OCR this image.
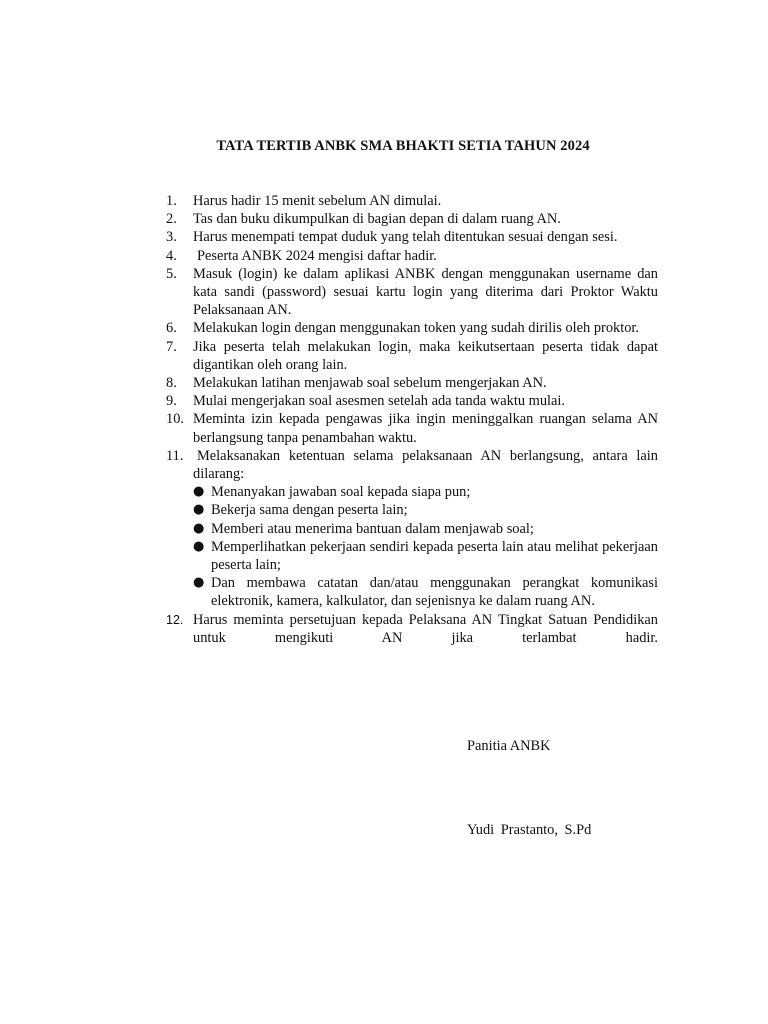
TATA TERTIB ANBK SMA BHAKTI SETIA TAHUN 2024
1.	Harus hadir 15 menit sebelum AN dimulai.
2.	Tas dan buku dikumpulkan di bagian depan di dalam ruang AN.
3.	Harus menempati tempat duduk yang telah ditentukan sesuai dengan sesi.
4.	Peserta ANBK 2024 mengisi daftar hadir.
5.	Masuk (login) ke dalam aplikasi ANBK dengan menggunakan username dan kata sandi (password) sesuai kartu login yang diterima dari Proktor Waktu Pelaksanaan AN.
6.	Melakukan login dengan menggunakan token yang sudah dirilis oleh proktor.
7.	Jika peserta telah melakukan login, maka keikutsertaan peserta tidak dapat digantikan oleh orang lain.
8.	Melakukan latihan menjawab soal sebelum mengerjakan AN.
9.	Mulai mengerjakan soal asesmen setelah ada tanda waktu mulai.
10. Meminta izin kepada pengawas jika ingin meninggalkan ruangan selama AN berlangsung tanpa penambahan waktu.
11. Melaksanakan ketentuan selama pelaksanaan AN berlangsung, antara lain dilarang:
● Menanyakan jawaban soal kepada siapa pun;
● Bekerja sama dengan peserta lain;
● Memberi atau menerima bantuan dalam menjawab soal;
● Memperlihatkan pekerjaan sendiri kepada peserta lain atau melihat pekerjaan peserta lain;
● Dan membawa catatan dan/atau menggunakan perangkat komunikasi elektronik, kamera, kalkulator, dan sejenisnya ke dalam ruang AN.
12. Harus meminta persetujuan kepada Pelaksana AN Tingkat Satuan Pendidikan untuk mengikuti AN jika terlambat hadir.
Panitia ANBK
Yudi Prastanto, S.Pd
